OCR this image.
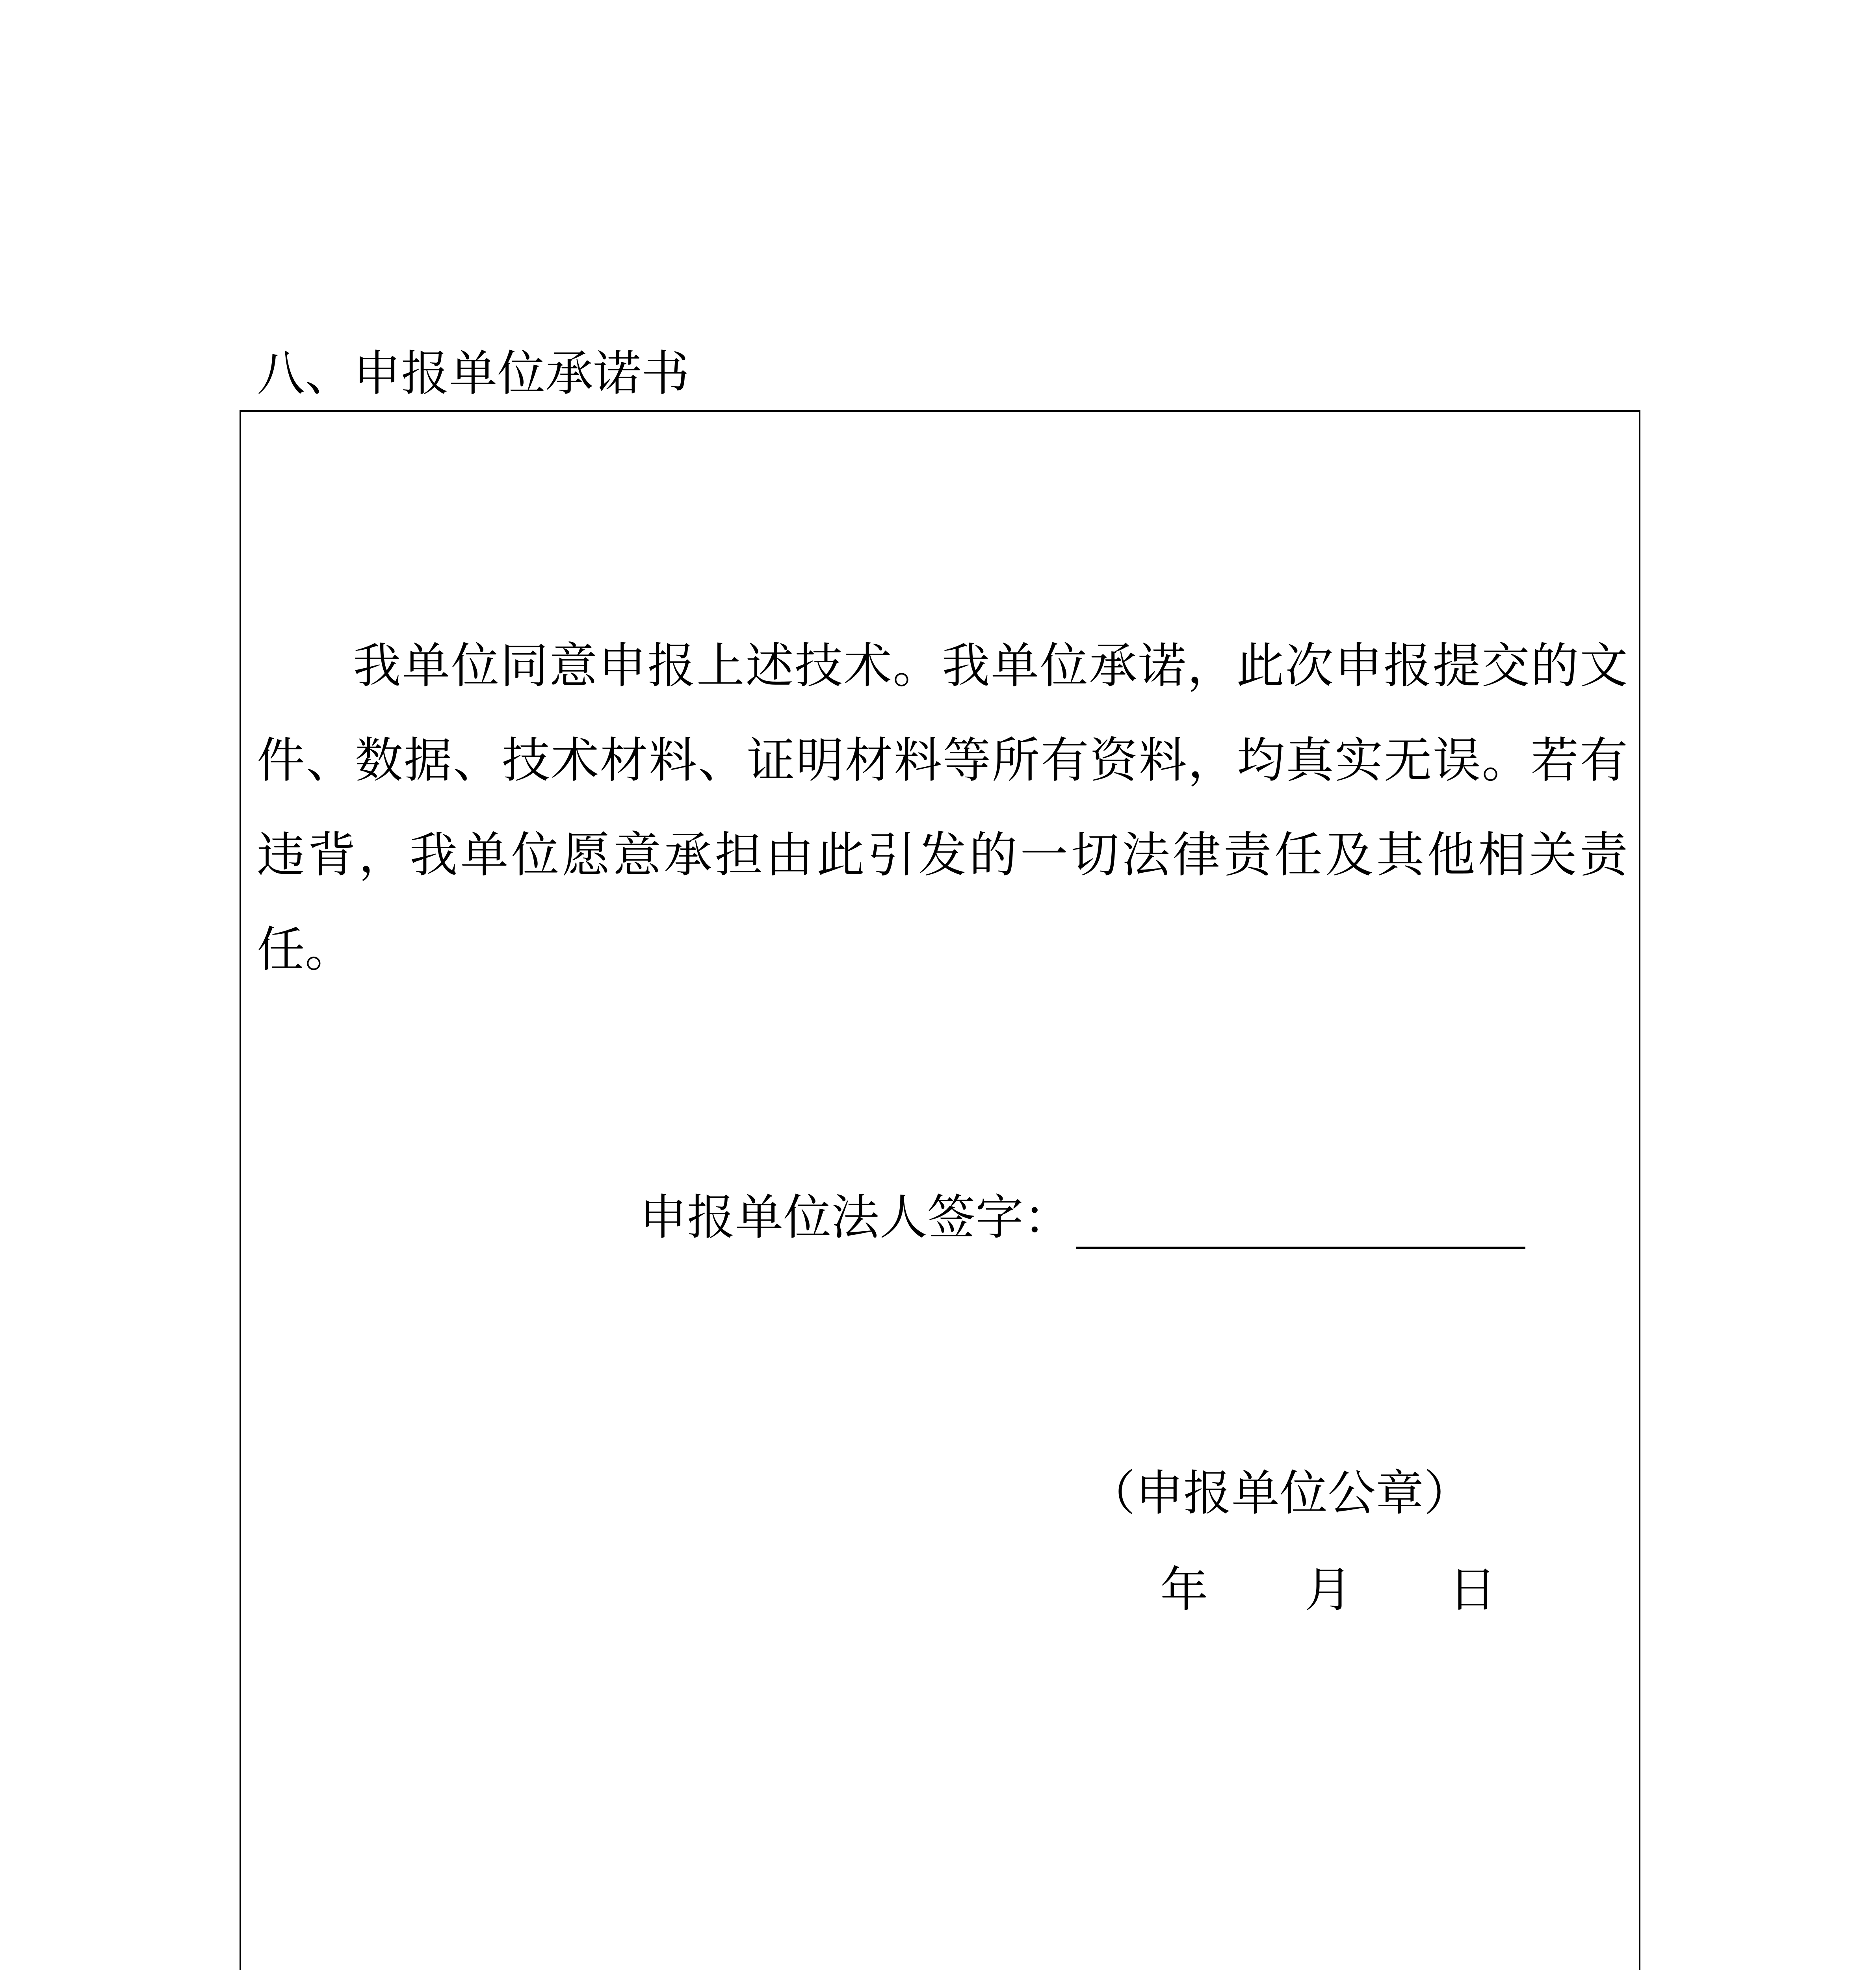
八、申报单位承诺书

我单位同意申报上述技术。我单位承诺，此次申报提交的文件、数据、技术材料、证明材料等所有资料，均真实无误。若有违背，我单位愿意承担由此引发的一切法律责任及其他相关责任。

申报单位法人签字：
（申报单位公章）
年 月 日
